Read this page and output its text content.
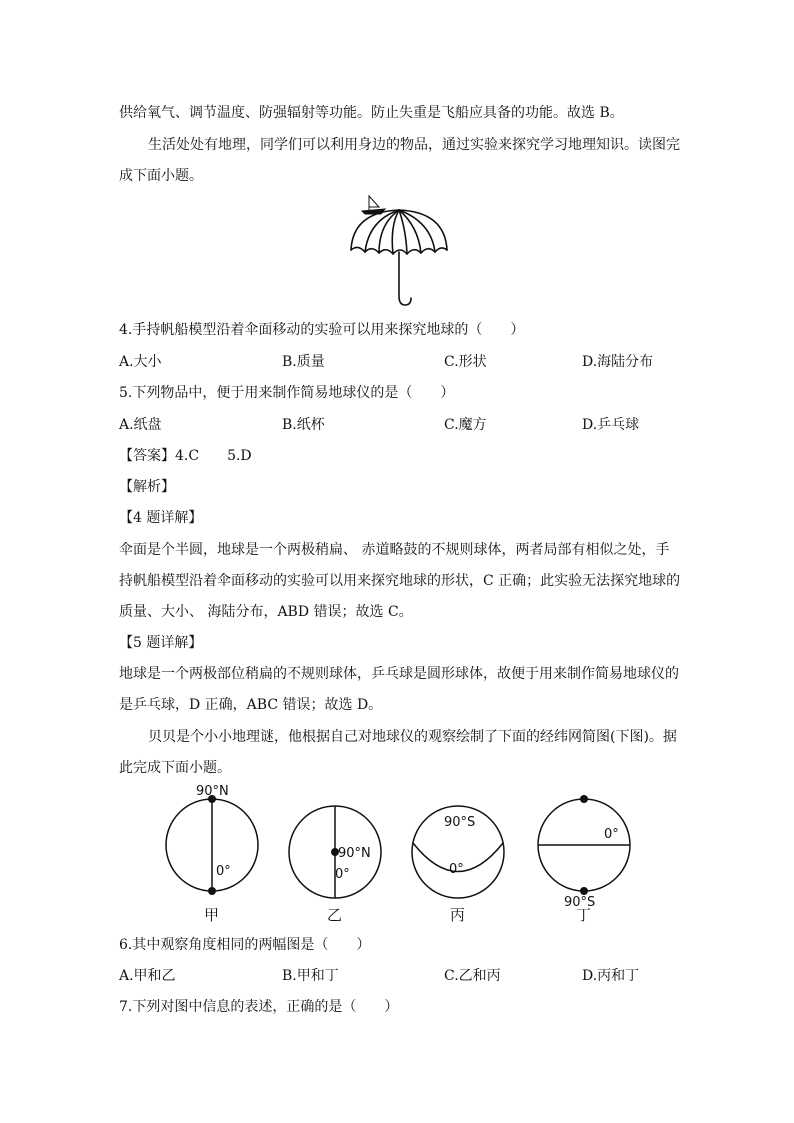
供给氧气、调节温度、防强辐射等功能。防止失重是飞船应具备的功能。故选 B。
生活处处有地理，同学们可以利用身边的物品，通过实验来探究学习地理知识。读图完
成下面小题。
4.手持帆船模型沿着伞面移动的实验可以用来探究地球的（　　）
A.大小	B.质量	C.形状	D.海陆分布
5.下列物品中，便于用来制作简易地球仪的是（　　）
A.纸盘	B.纸杯	C.魔方	D.乒乓球
【答案】4.C　　5.D
【解析】
【4 题详解】
伞面是个半圆，地球是一个两极稍扁、 赤道略鼓的不规则球体，两者局部有相似之处，手
持帆船模型沿着伞面移动的实验可以用来探究地球的形状，C 正确；此实验无法探究地球的
质量、大小、 海陆分布，ABD 错误；故选 C。
【5 题详解】
地球是一个两极部位稍扁的不规则球体，乒乓球是圆形球体，故便于用来制作简易地球仪的
是乒乓球，D 正确，ABC 错误；故选 D。
贝贝是个小小地理谜，他根据自己对地球仪的观察绘制了下面的经纬网简图(下图)。据
此完成下面小题。
90°N
0°
90°N
0°
90°S
0°
0°
90°S
甲	乙	丙	丁
6.其中观察角度相同的两幅图是（　　）
A.甲和乙	B.甲和丁	C.乙和丙	D.丙和丁
7.下列对图中信息的表述，正确的是（　　）
